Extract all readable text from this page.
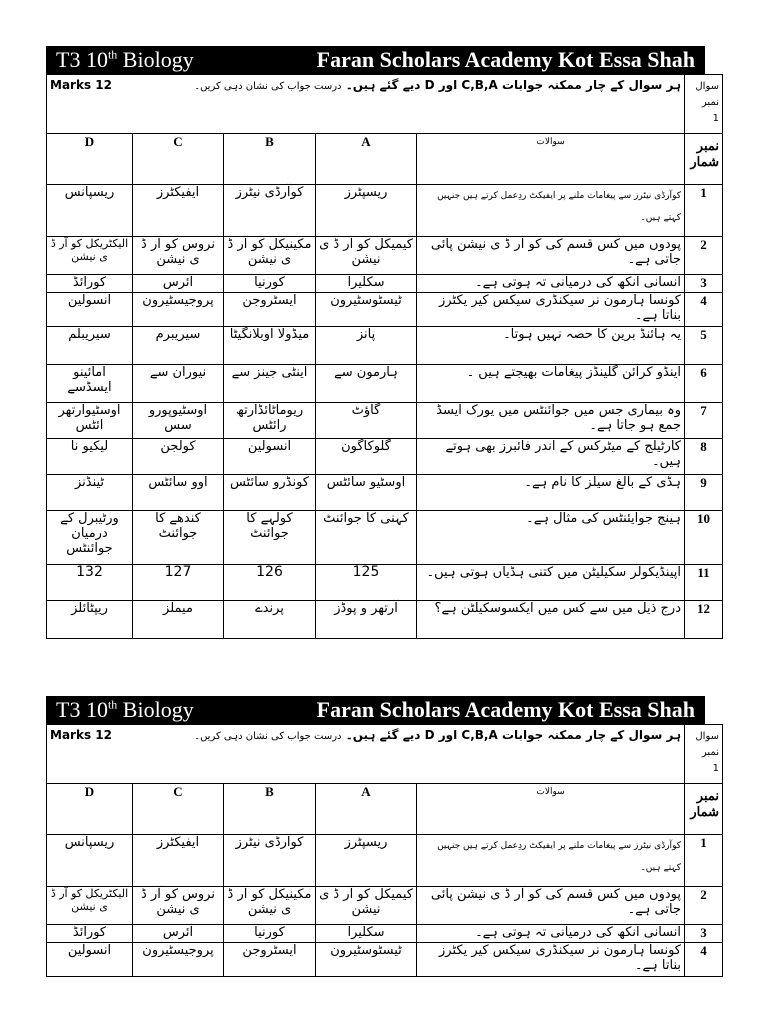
T3 10th Biology	Faran Scholars Academy Kot Essa Shah
Marks 12 ہر سوال کے چار ممکنہ جوابات C,B,A اور D دیے گئے ہیں۔ درست جواب کی نشان دہی کریں۔					سوال نمبر
1
D	C	B	A	سوالات	نمبر شمار
ریسپانس	ایفیکٹرز	کوآرڈی نیٹرز	ریسپٹرز	کوآرڈی نیٹرز سے پیغامات ملنے پر ایفیکٹ ردِعمل کرتے ہیں جنہیں کہتے ہیں۔	1
الیکٹریکل کو آر ڈ ی نیشن	نروس کو آر ڈ ی نیشن	مکینیکل کو آر ڈ ی نیشن	کیمیکل کو آر ڈ ی نیشن	پودوں میں کس قسم کی کو آر ڈ ی نیشن پائی جاتی ہے۔	2
کورائڈ	آئرس	کورنیا	سکلیرا	انسانی آنکھ کی درمیانی تہ ہوتی ہے۔	3
انسولین	پروجیسٹیرون	ایسٹروجن	ٹیسٹوسٹیرون	کونسا ہارمون نر سیکنڈری سیکس کیر یکٹرز بناتا ہے۔	4
سیریبلم	سیریبرم	میڈولا اوبلانگیٹا	پانز	یہ ہائنڈ برین کا حصہ نہیں ہوتا۔	5
امائینو ایسڈسے	نیوران سے	اینٹی جینز سے	ہارمون سے	اینڈو کرائن گلینڈز پیغامات بھیجتے ہیں ۔	6
اوسٹیوآرتھر ائٹس	اوسٹیوپورو سس	ریوماٹائڈارتھ رائٹس	گاؤٹ	وہ بیماری جس میں جوائنٹس میں یورک ایسڈ جمع ہو جاتا ہے۔	7
لیکیو نا	کولجن	انسولین	گلوکاگون	کارٹیلج کے میٹرکس کے اندر فائبرز بھی ہوتے ہیں۔	8
ٹینڈنز	اوو سائٹس	کونڈرو سائٹس	اوسٹیو سائٹس	ہڈی کے بالغ سیلز کا نام ہے۔	9
ورٹیبرل کے درمیان جوائنٹس	کندھے کا جوائنٹ	کولہے کا جوائنٹ	کہنی کا جوائنٹ	ہینج جوایئنٹس کی مثال ہے۔	10
132	127	126	125	اپینڈیکولر سکیلیٹن میں کتنی ہڈیاں ہوتی ہیں۔	11
ریپٹائلز	میملز	پرندے	آرتھر و پوڈز	درج ذیل میں سے کس میں ایکسوسکیلٹن ہے؟	12
T3 10th Biology	Faran Scholars Academy Kot Essa Shah
Marks 12 ہر سوال کے چار ممکنہ جوابات C,B,A اور D دیے گئے ہیں۔ درست جواب کی نشان دہی کریں۔					سوال نمبر
1
D	C	B	A	سوالات	نمبر شمار
ریسپانس	ایفیکٹرز	کوآرڈی نیٹرز	ریسپٹرز	کوآرڈی نیٹرز سے پیغامات ملنے پر ایفیکٹ ردِعمل کرتے ہیں جنہیں کہتے ہیں۔	1
الیکٹریکل کو آر ڈ ی نیشن	نروس کو آر ڈ ی نیشن	مکینیکل کو آر ڈ ی نیشن	کیمیکل کو آر ڈ ی نیشن	پودوں میں کس قسم کی کو آر ڈ ی نیشن پائی جاتی ہے۔	2
کورائڈ	آئرس	کورنیا	سکلیرا	انسانی آنکھ کی درمیانی تہ ہوتی ہے۔	3
انسولین	پروجیسٹیرون	ایسٹروجن	ٹیسٹوسٹیرون	کونسا ہارمون نر سیکنڈری سیکس کیر یکٹرز بناتا ہے۔	4
